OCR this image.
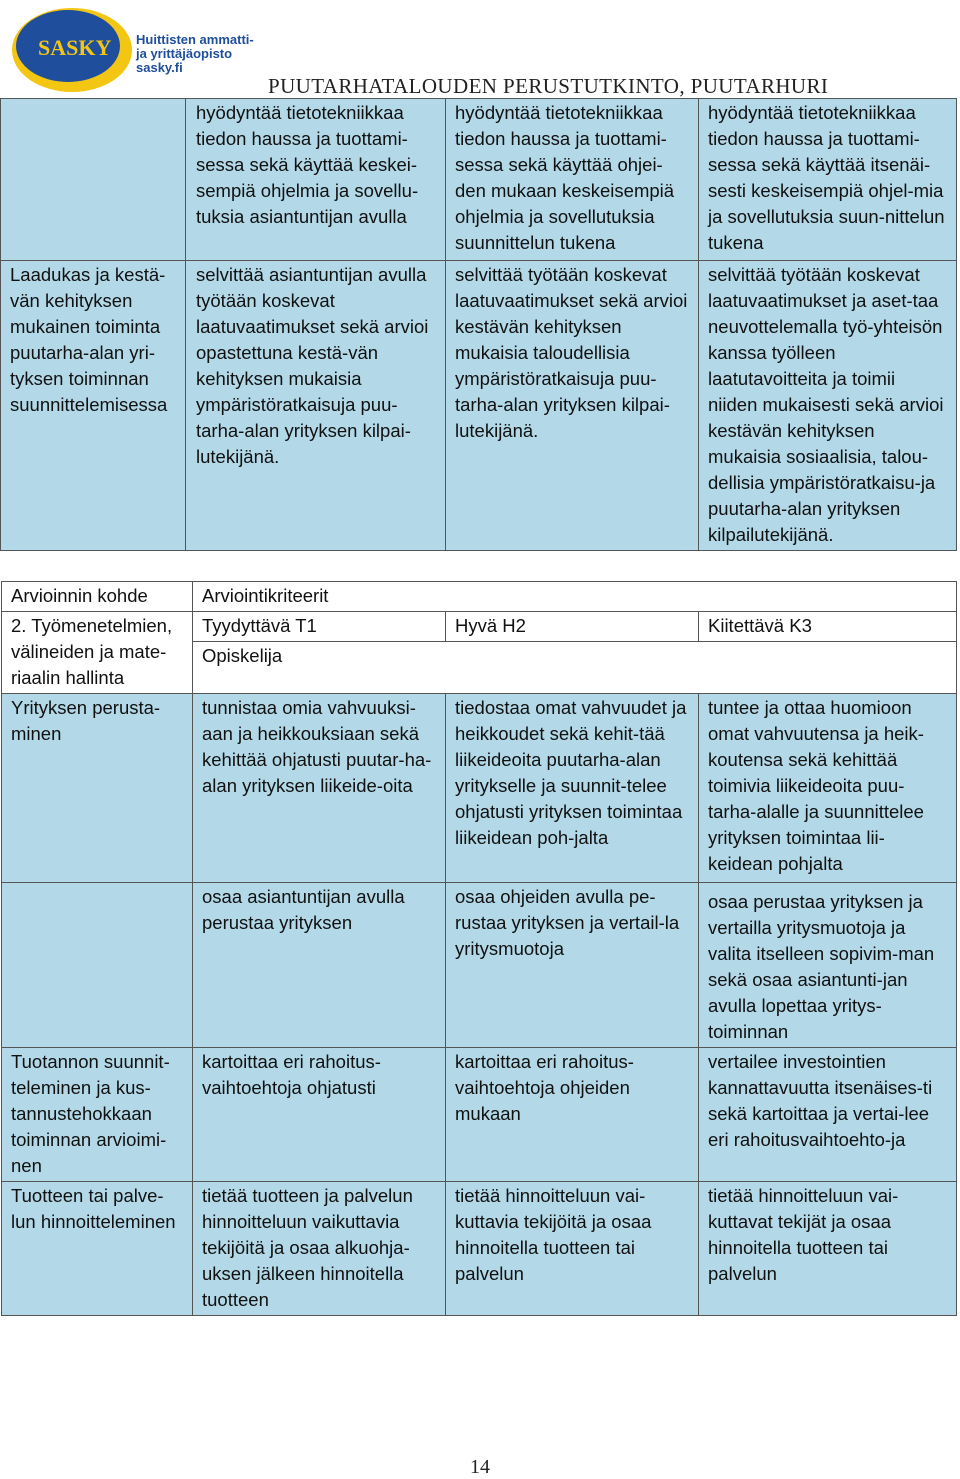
SASKY Huittisten ammatti-
ja yrittäjäopisto
sasky.fi
PUUTARHATALOUDEN PERUSTUTKINTO, PUUTARHURI
	hyödyntää tietotekniikkaa tiedon haussa ja tuottami-sessa sekä käyttää keskei-sempiä ohjelmia ja sovellu-tuksia asiantuntijan avulla	hyödyntää tietotekniikkaa tiedon haussa ja tuottami-sessa sekä käyttää ohjei-den mukaan keskeisempiä ohjelmia ja sovellutuksia suunnittelun tukena	hyödyntää tietotekniikkaa tiedon haussa ja tuottami-sessa sekä käyttää itsenäi-sesti keskeisempiä ohjel-mia ja sovellutuksia suun-nittelun tukena
Laadukas ja kestä-vän kehityksen mukainen toiminta puutarha-alan yri-tyksen toiminnan suunnittelemisessa	selvittää asiantuntijan avulla työtään koskevat laatuvaatimukset sekä arvioi opastettuna kestä-vän kehityksen mukaisia ympäristöratkaisuja puu-tarha-alan yrityksen kilpai-lutekijänä.	selvittää työtään koskevat laatuvaatimukset sekä arvioi kestävän kehityksen mukaisia taloudellisia ympäristöratkaisuja puu-tarha-alan yrityksen kilpai-lutekijänä.	selvittää työtään koskevat laatuvaatimukset ja aset-taa neuvottelemalla työ-yhteisön kanssa työlleen laatutavoitteita ja toimii niiden mukaisesti sekä arvioi kestävän kehityksen mukaisia sosiaalisia, talou-dellisia ympäristöratkaisu-ja puutarha-alan yrityksen kilpailutekijänä.
Arvioinnin kohde	Arviointikriteerit		
2. Työmenetelmien, välineiden ja mate-riaalin hallinta	Tyydyttävä T1	Hyvä H2	Kiitettävä K3
	Opiskelija		
Yrityksen perusta-minen	tunnistaa omia vahvuuksi-aan ja heikkouksiaan sekä kehittää ohjatusti puutar-ha-alan yrityksen liikeide-oita	tiedostaa omat vahvuudet ja heikkoudet sekä kehit-tää liikeideoita puutarha-alan yritykselle ja suunnit-telee ohjatusti yrityksen toimintaa liikeidean poh-jalta	tuntee ja ottaa huomioon omat vahvuutensa ja heik-koutensa sekä kehittää toimivia liikeideoita puu-tarha-alalle ja suunnittelee yrityksen toimintaa lii-keidean pohjalta
	osaa asiantuntijan avulla perustaa yrityksen	osaa ohjeiden avulla pe-rustaa yrityksen ja vertail-la yritysmuotoja	osaa perustaa yrityksen ja vertailla yritysmuotoja ja valita itselleen sopivim-man sekä osaa asiantunti-jan avulla lopettaa yritys-toiminnan
Tuotannon suunnit-teleminen ja kus-tannustehokkaan toiminnan arvioimi-nen	kartoittaa eri rahoitus-vaihtoehtoja ohjatusti	kartoittaa eri rahoitus-vaihtoehtoja ohjeiden mukaan	vertailee investointien kannattavuutta itsenäises-ti sekä kartoittaa ja vertai-lee eri rahoitusvaihtoehto-ja
Tuotteen tai palve-lun hinnoitteleminen	tietää tuotteen ja palvelun hinnoitteluun vaikuttavia tekijöitä ja osaa alkuohja-uksen jälkeen hinnoitella tuotteen	tietää hinnoitteluun vai-kuttavia tekijöitä ja osaa hinnoitella tuotteen tai palvelun	tietää hinnoitteluun vai-kuttavat tekijät ja osaa hinnoitella tuotteen tai palvelun
14
